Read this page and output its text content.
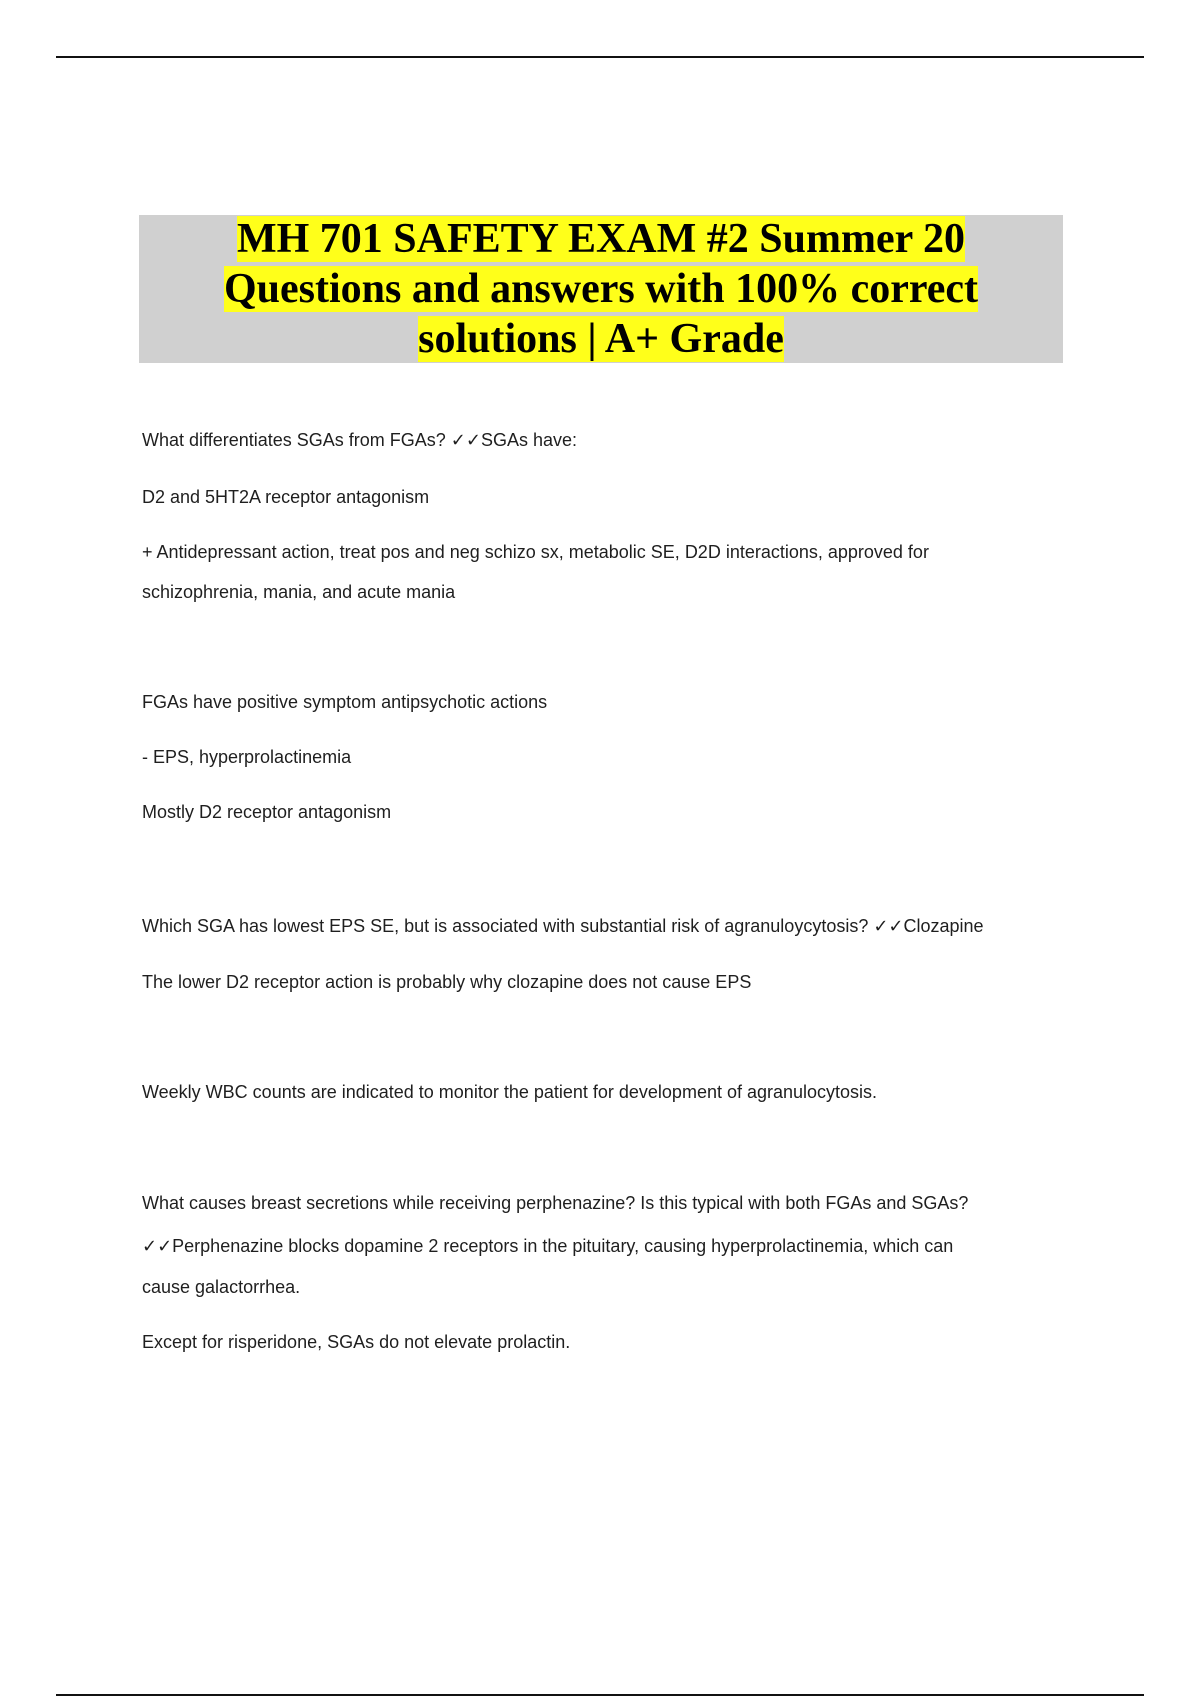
MH 701 SAFETY EXAM #2 Summer 20
Questions and answers with 100% correct
solutions | A+ Grade

What differentiates SGAs from FGAs? ✓✓SGAs have:

D2 and 5HT2A receptor antagonism

+ Antidepressant action, treat pos and neg schizo sx, metabolic SE, D2D interactions, approved for

schizophrenia, mania, and acute mania

FGAs have positive symptom antipsychotic actions

- EPS, hyperprolactinemia

Mostly D2 receptor antagonism

Which SGA has lowest EPS SE, but is associated with substantial risk of agranuloycytosis? ✓✓Clozapine

The lower D2 receptor action is probably why clozapine does not cause EPS

Weekly WBC counts are indicated to monitor the patient for development of agranulocytosis.

What causes breast secretions while receiving perphenazine? Is this typical with both FGAs and SGAs?

✓✓Perphenazine blocks dopamine 2 receptors in the pituitary, causing hyperprolactinemia, which can

cause galactorrhea.

Except for risperidone, SGAs do not elevate prolactin.
